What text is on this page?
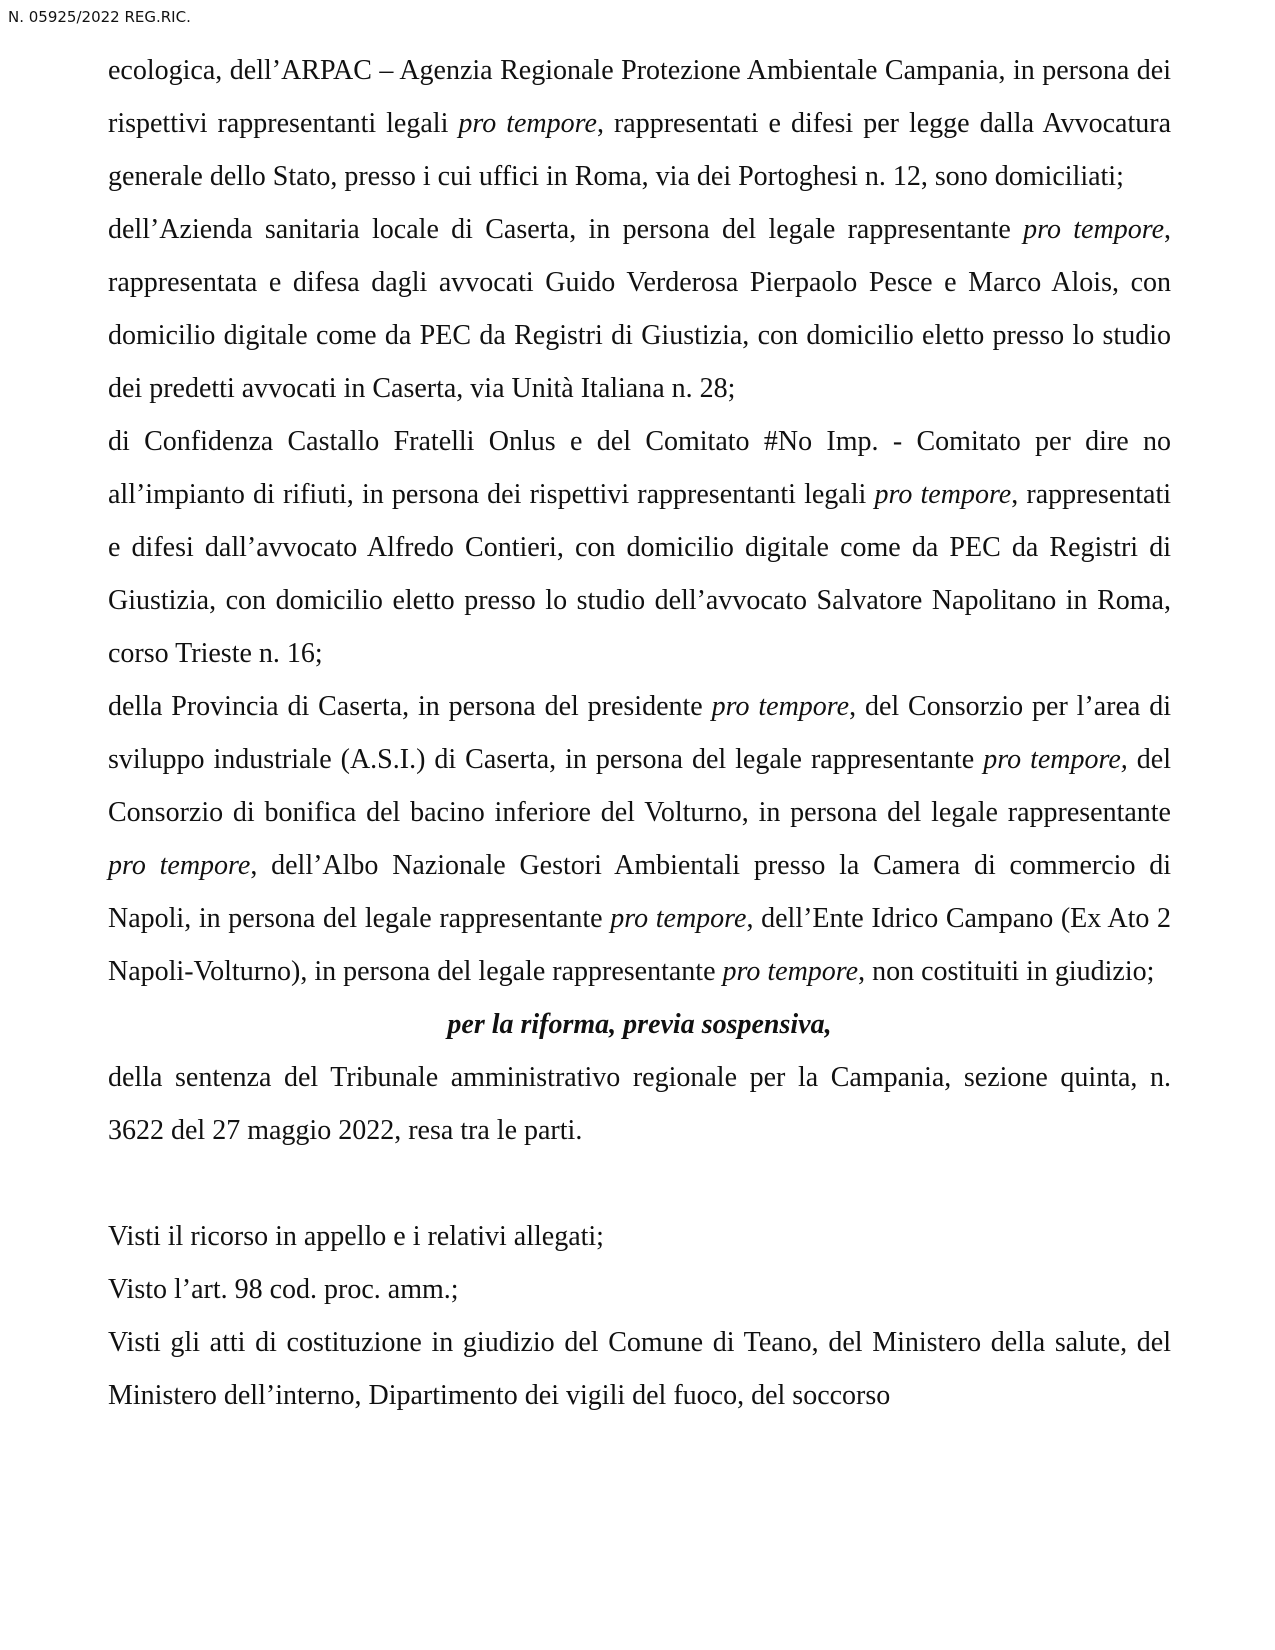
N. 05925/2022 REG.RIC.

ecologica, dell’ARPAC – Agenzia Regionale Protezione Ambientale Campania, in persona dei rispettivi rappresentanti legali pro tempore, rappresentati e difesi per legge dalla Avvocatura generale dello Stato, presso i cui uffici in Roma, via dei Portoghesi n. 12, sono domiciliati;

dell’Azienda sanitaria locale di Caserta, in persona del legale rappresentante pro tempore, rappresentata e difesa dagli avvocati Guido Verderosa Pierpaolo Pesce e Marco Alois, con domicilio digitale come da PEC da Registri di Giustizia, con domicilio eletto presso lo studio dei predetti avvocati in Caserta, via Unità Italiana n. 28;

di Confidenza Castallo Fratelli Onlus e del Comitato #No Imp. - Comitato per dire no all’impianto di rifiuti, in persona dei rispettivi rappresentanti legali pro tempore, rappresentati e difesi dall’avvocato Alfredo Contieri, con domicilio digitale come da PEC da Registri di Giustizia, con domicilio eletto presso lo studio dell’avvocato Salvatore Napolitano in Roma, corso Trieste n. 16;

della Provincia di Caserta, in persona del presidente pro tempore, del Consorzio per l’area di sviluppo industriale (A.S.I.) di Caserta, in persona del legale rappresentante pro tempore, del Consorzio di bonifica del bacino inferiore del Volturno, in persona del legale rappresentante pro tempore, dell’Albo Nazionale Gestori Ambientali presso la Camera di commercio di Napoli, in persona del legale rappresentante pro tempore, dell’Ente Idrico Campano (Ex Ato 2 Napoli-Volturno), in persona del legale rappresentante pro tempore, non costituiti in giudizio;

per la riforma, previa sospensiva,

della sentenza del Tribunale amministrativo regionale per la Campania, sezione quinta, n. 3622 del 27 maggio 2022, resa tra le parti.

Visti il ricorso in appello e i relativi allegati;

Visto l’art. 98 cod. proc. amm.;

Visti gli atti di costituzione in giudizio del Comune di Teano, del Ministero della salute, del Ministero dell’interno, Dipartimento dei vigili del fuoco, del soccorso
